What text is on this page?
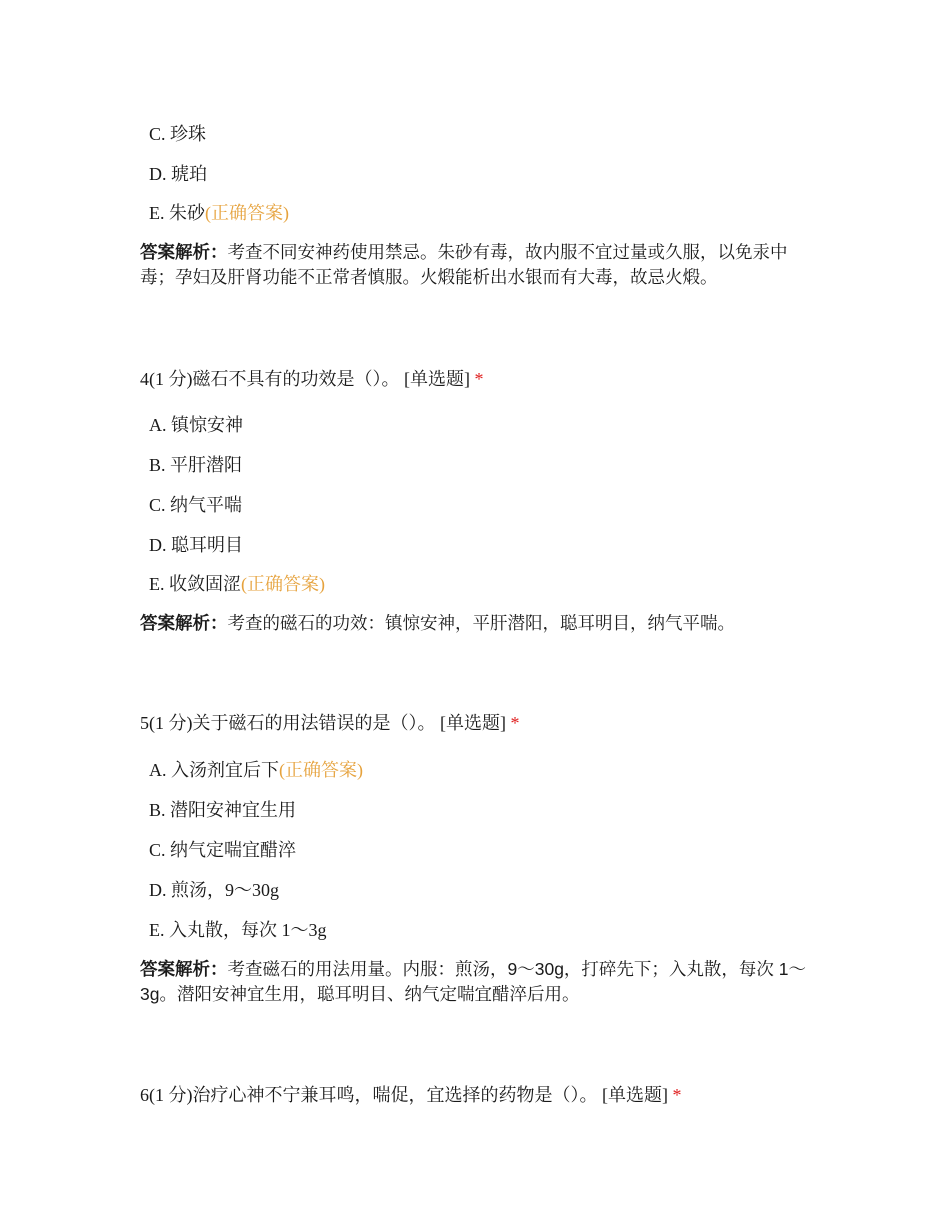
C. 珍珠
D. 琥珀
E. 朱砂(正确答案)
答案解析：考查不同安神药使用禁忌。朱砂有毒，故内服不宜过量或久服，以免汞中毒；孕妇及肝肾功能不正常者慎服。火煅能析出水银而有大毒，故忌火煅。
4(1 分)磁石不具有的功效是（）。 [单选题] *
A. 镇惊安神
B. 平肝潜阳
C. 纳气平喘
D. 聪耳明目
E. 收敛固涩(正确答案)
答案解析：考查的磁石的功效：镇惊安神，平肝潜阳，聪耳明目，纳气平喘。
5(1 分)关于磁石的用法错误的是（）。 [单选题] *
A. 入汤剂宜后下(正确答案)
B. 潜阳安神宜生用
C. 纳气定喘宜醋淬
D. 煎汤，9～30g
E. 入丸散，每次 1～3g
答案解析：考查磁石的用法用量。内服：煎汤，9～30g，打碎先下；入丸散，每次 1～3g。潜阳安神宜生用，聪耳明目、纳气定喘宜醋淬后用。
6(1 分)治疗心神不宁兼耳鸣，喘促，宜选择的药物是（）。 [单选题] *
